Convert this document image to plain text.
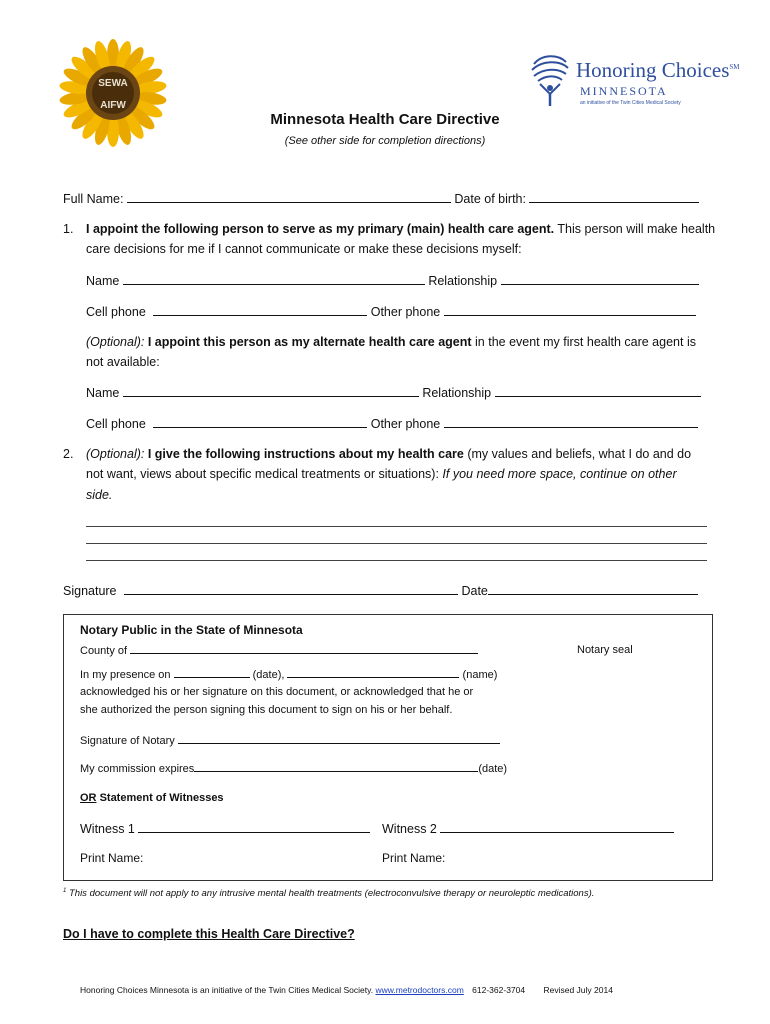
SEWA
AIFW
Honoring Choices℠
MINNESOTA
an initiative of the Twin Cities Medical Society
Minnesota Health Care Directive
(See other side for completion directions)
Full Name:	Date of birth:
1. I appoint the following person to serve as my primary (main) health care agent. This person will make health
care decisions for me if I cannot communicate or make these decisions myself:
Name	Relationship
Cell phone	Other phone
(Optional): I appoint this person as my alternate health care agent in the event my first health care agent is
not available:
Name	Relationship
Cell phone	Other phone
2. (Optional): I give the following instructions about my health care (my values and beliefs, what I do and do
not want, views about specific medical treatments or situations): If you need more space, continue on other
side.
Signature	Date
Notary Public in the State of Minnesota
County of	Notary seal
In my presence on	(date),	(name)
acknowledged his or her signature on this document, or acknowledged that he or
she authorized the person signing this document to sign on his or her behalf.
Signature of Notary
My commission expires	(date)
OR Statement of Witnesses
Witness 1	Witness 2
Print Name:	Print Name:
$^1$ This document will not apply to any intrusive mental health treatments (electroconvulsive therapy or neuroleptic medications).
Do I have to complete this Health Care Directive?
Honoring Choices Minnesota is an initiative of the Twin Cities Medical Society. www.metrodoctors.com 612-362-3704 Revised July 2014
